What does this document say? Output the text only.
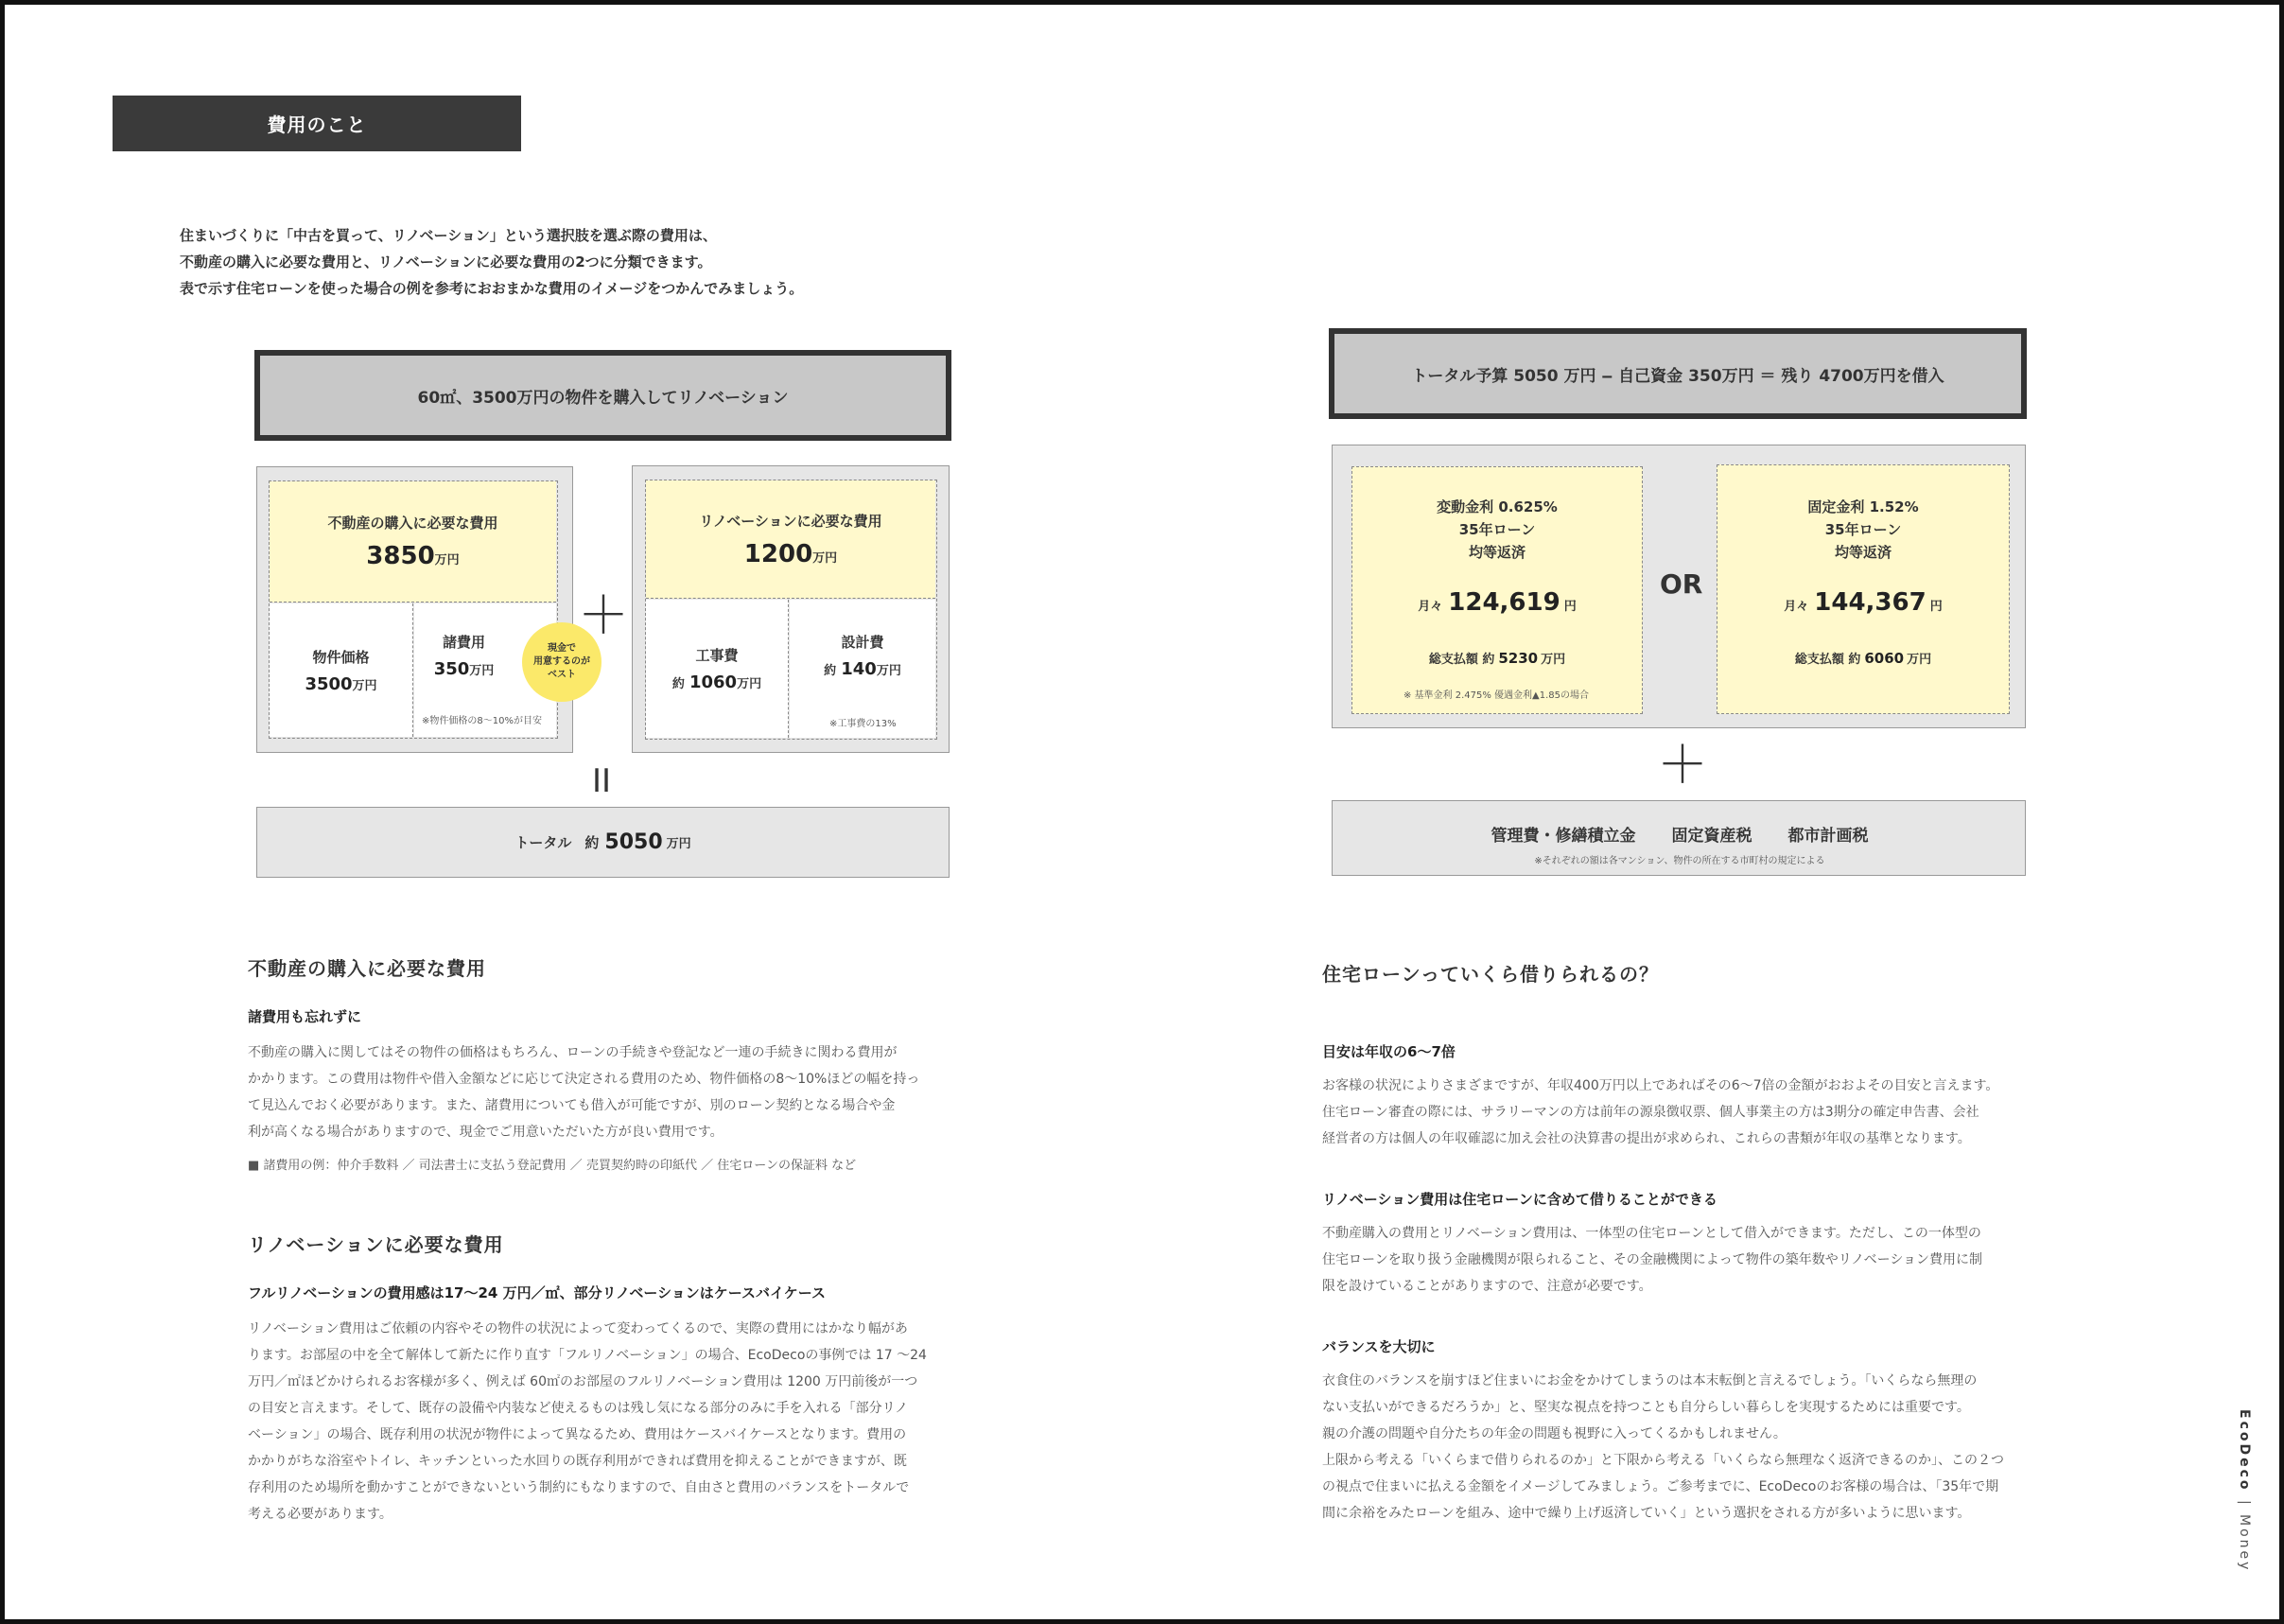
費用のこと

住まいづくりに「中古を買って、リノベーション」という選択肢を選ぶ際の費用は、

不動産の購入に必要な費用と、リノベーションに必要な費用の2つに分類できます。

表で示す住宅ローンを使った場合の例を参考におおまかな費用のイメージをつかんでみましょう。

60㎡、3500万円の物件を購入してリノベーション
不動産の購入に必要な費用
3850万円
物件価格
3500万円
諸費用
350万円
※物件価格の8～10%が目安
現金で
用意するのが
ベスト
＋
リノベーションに必要な費用
1200万円
工事費
約 1060万円
設計費
約 140万円
※工事費の13%
II
トータル 約 5050 万円
トータル予算 5050 万円 ‒ 自己資金 350万円 ＝ 残り 4700万円を借入
変動金利 0.625%
35年ローン
均等返済
月々 124,619 円
総支払額 約 5230 万円
※ 基準金利 2.475% 優遇金利▲1.85の場合
OR
固定金利 1.52%
35年ローン
均等返済
月々 144,367 円
総支払額 約 6060 万円
＋
管理費・修繕積立金 固定資産税 都市計画税
※それぞれの額は各マンション、物件の所在する市町村の規定による
不動産の購入に必要な費用
諸費用も忘れずに

不動産の購入に関してはその物件の価格はもちろん、ローンの手続きや登記など一連の手続きに関わる費用が

かかります。この費用は物件や借入金額などに応じて決定される費用のため、物件価格の8～10%ほどの幅を持っ

て見込んでおく必要があります。また、諸費用についても借入が可能ですが、別のローン契約となる場合や金

利が高くなる場合がありますので、現金でご用意いただいた方が良い費用です。

■ 諸費用の例：仲介手数料 ／ 司法書士に支払う登記費用 ／ 売買契約時の印紙代 ／ 住宅ローンの保証料 など
リノベーションに必要な費用
フルリノベーションの費用感は17～24 万円／㎡、部分リノベーションはケースバイケース

リノベーション費用はご依頼の内容やその物件の状況によって変わってくるので、実際の費用にはかなり幅があ

ります。お部屋の中を全て解体して新たに作り直す「フルリノベーション」の場合、EcoDecoの事例では 17 ～24

万円／㎡ほどかけられるお客様が多く、例えば 60㎡のお部屋のフルリノベーション費用は 1200 万円前後が一つ

の目安と言えます。そして、既存の設備や内装など使えるものは残し気になる部分のみに手を入れる「部分リノ

ベーション」の場合、既存利用の状況が物件によって異なるため、費用はケースバイケースとなります。費用の

かかりがちな浴室やトイレ、キッチンといった水回りの既存利用ができれば費用を抑えることができますが、既

存利用のため場所を動かすことができないという制約にもなりますので、自由さと費用のバランスをトータルで

考える必要があります。

住宅ローンっていくら借りられるの？
目安は年収の6～7倍

お客様の状況によりさまざまですが、年収400万円以上であればその6～7倍の金額がおおよその目安と言えます。

住宅ローン審査の際には、サラリーマンの方は前年の源泉徴収票、個人事業主の方は3期分の確定申告書、会社

経営者の方は個人の年収確認に加え会社の決算書の提出が求められ、これらの書類が年収の基準となります。

リノベーション費用は住宅ローンに含めて借りることができる

不動産購入の費用とリノベーション費用は、一体型の住宅ローンとして借入ができます。ただし、この一体型の

住宅ローンを取り扱う金融機関が限られること、その金融機関によって物件の築年数やリノベーション費用に制

限を設けていることがありますので、注意が必要です。

バランスを大切に

衣食住のバランスを崩すほど住まいにお金をかけてしまうのは本末転倒と言えるでしょう。「いくらなら無理の

ない支払いができるだろうか」と、堅実な視点を持つことも自分らしい暮らしを実現するためには重要です。

親の介護の問題や自分たちの年金の問題も視野に入ってくるかもしれません。

上限から考える「いくらまで借りられるのか」と下限から考える「いくらなら無理なく返済できるのか」、この２つ

の視点で住まいに払える金額をイメージしてみましょう。ご参考までに、EcoDecoのお客様の場合は、「35年で期

間に余裕をみたローンを組み、途中で繰り上げ返済していく」という選択をされる方が多いように思います。

EcoDeco
|
Money
